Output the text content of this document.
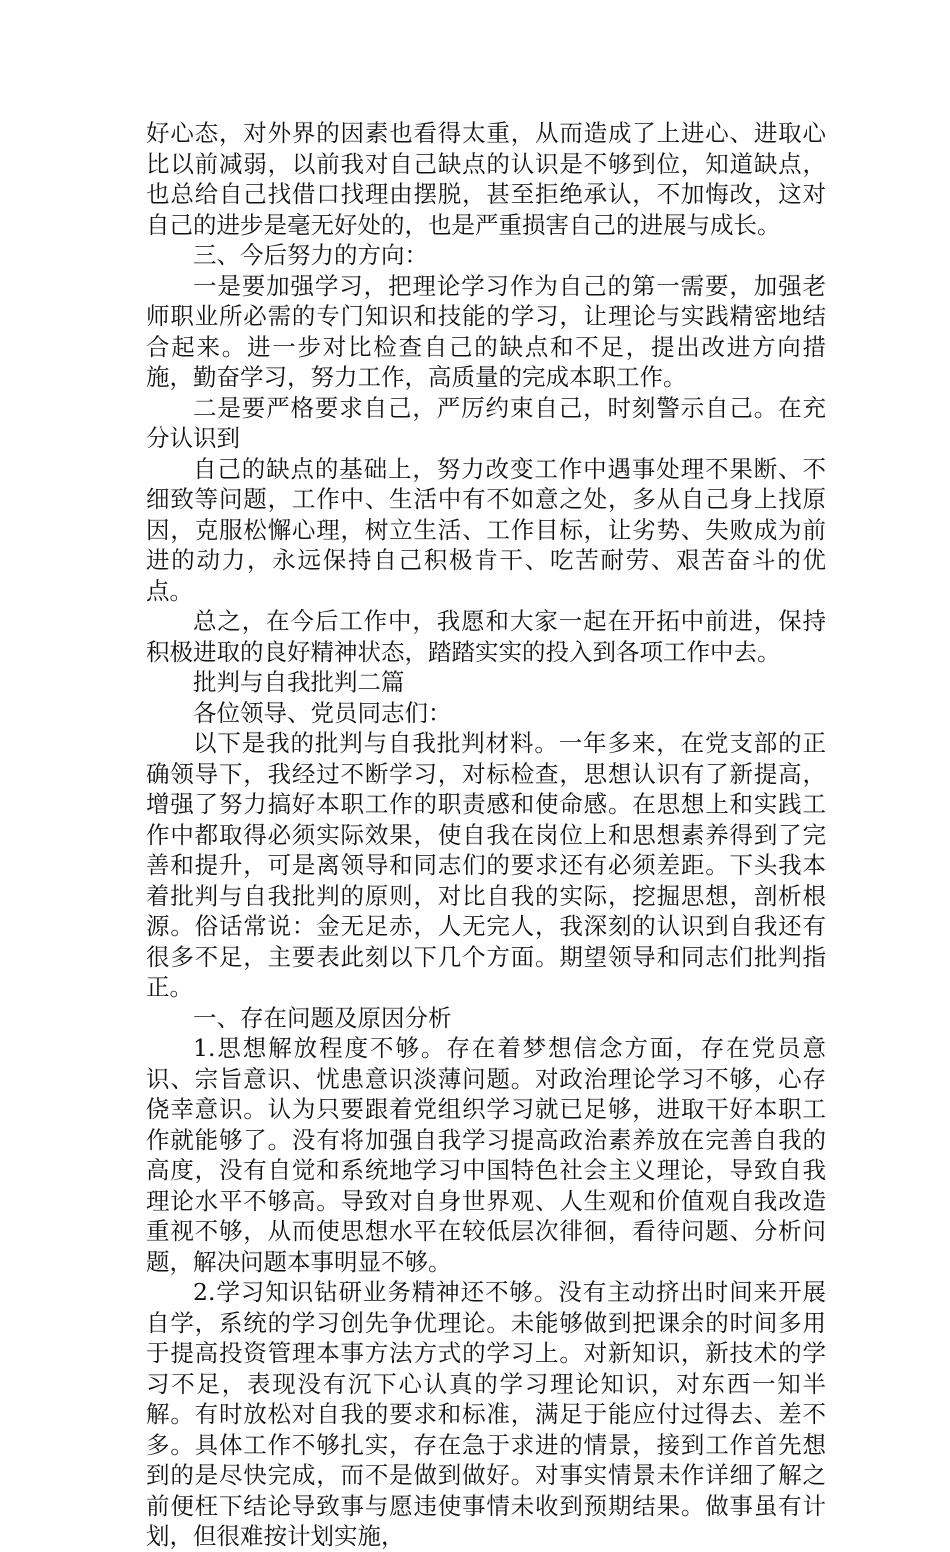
好心态，对外界的因素也看得太重，从而造成了上进心、进取心比以前减弱，以前我对自己缺点的认识是不够到位，知道缺点，也总给自己找借口找理由摆脱，甚至拒绝承认，不加悔改，这对自己的进步是毫无好处的，也是严重损害自己的进展与成长。

三、今后努力的方向：

一是要加强学习，把理论学习作为自己的第一需要，加强老师职业所必需的专门知识和技能的学习，让理论与实践精密地结合起来。进一步对比检查自己的缺点和不足，提出改进方向措施，勤奋学习，努力工作，高质量的完成本职工作。

二是要严格要求自己，严厉约束自己，时刻警示自己。在充分认识到

自己的缺点的基础上，努力改变工作中遇事处理不果断、不细致等问题，工作中、生活中有不如意之处，多从自己身上找原因，克服松懈心理，树立生活、工作目标，让劣势、失败成为前进的动力，永远保持自己积极肯干、吃苦耐劳、艰苦奋斗的优点。

总之，在今后工作中，我愿和大家一起在开拓中前进，保持积极进取的良好精神状态，踏踏实实的投入到各项工作中去。

批判与自我批判二篇

各位领导、党员同志们：

以下是我的批判与自我批判材料。一年多来，在党支部的正确领导下，我经过不断学习，对标检查，思想认识有了新提高，增强了努力搞好本职工作的职责感和使命感。在思想上和实践工作中都取得必须实际效果，使自我在岗位上和思想素养得到了完善和提升，可是离领导和同志们的要求还有必须差距。下头我本着批判与自我批判的原则，对比自我的实际，挖掘思想，剖析根源。俗话常说：金无足赤，人无完人，我深刻的认识到自我还有很多不足，主要表此刻以下几个方面。期望领导和同志们批判指正。

一、存在问题及原因分析

1.思想解放程度不够。存在着梦想信念方面，存在党员意识、宗旨意识、忧患意识淡薄问题。对政治理论学习不够，心存侥幸意识。认为只要跟着党组织学习就已足够，进取干好本职工作就能够了。没有将加强自我学习提高政治素养放在完善自我的高度，没有自觉和系统地学习中国特色社会主义理论，导致自我理论水平不够高。导致对自身世界观、人生观和价值观自我改造重视不够，从而使思想水平在较低层次徘徊，看待问题、分析问题，解决问题本事明显不够。

2.学习知识钻研业务精神还不够。没有主动挤出时间来开展自学，系统的学习创先争优理论。未能够做到把课余的时间多用于提高投资管理本事方法方式的学习上。对新知识，新技术的学习不足，表现没有沉下心认真的学习理论知识，对东西一知半解。有时放松对自我的要求和标准，满足于能应付过得去、差不多。具体工作不够扎实，存在急于求进的情景，接到工作首先想到的是尽快完成，而不是做到做好。对事实情景未作详细了解之前便枉下结论导致事与愿违使事情未收到预期结果。做事虽有计划，但很难按计划实施，
